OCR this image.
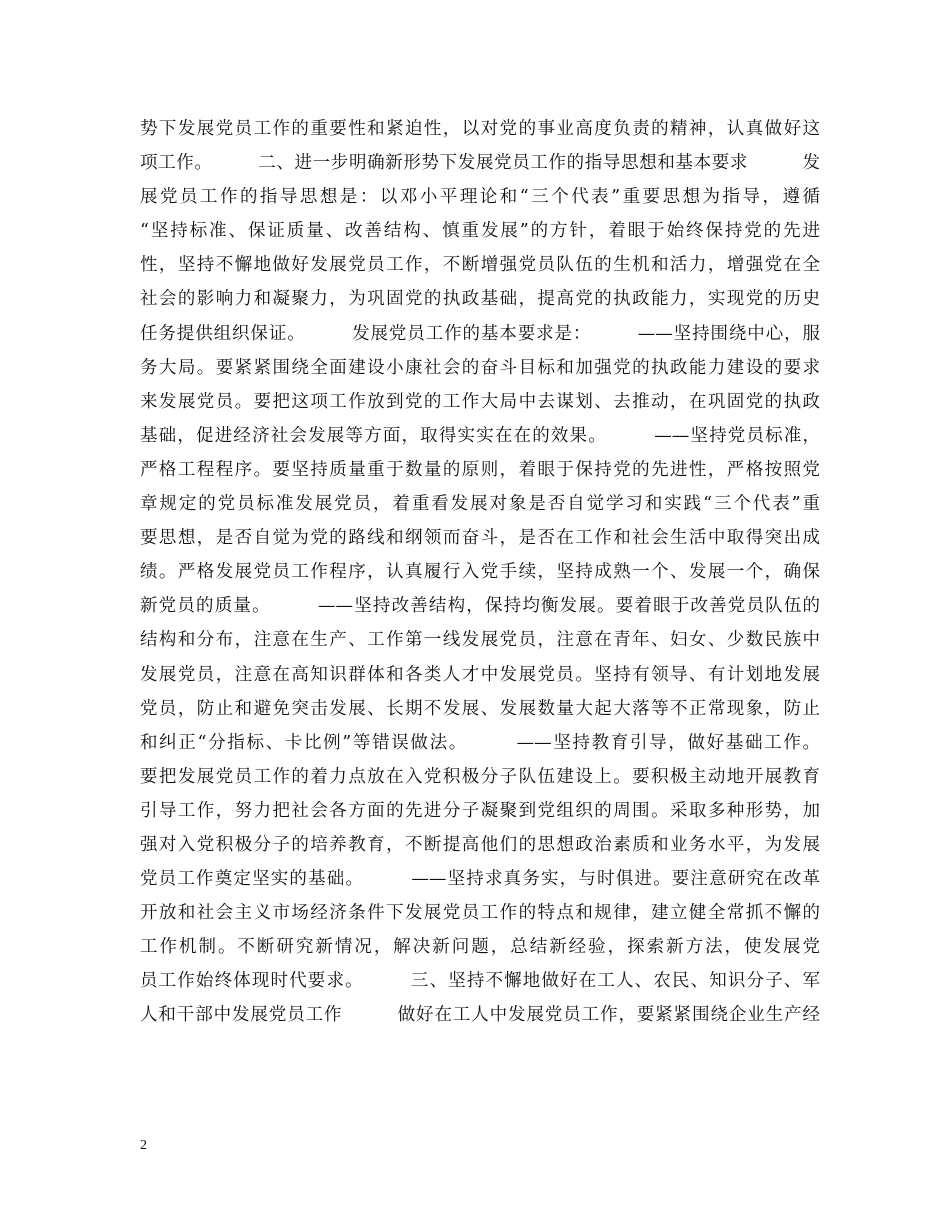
势下发展党员工作的重要性和紧迫性，以对党的事业高度负责的精神，认真做好这
项工作。　　　二、进一步明确新形势下发展党员工作的指导思想和基本要求　　　发
展党员工作的指导思想是：以邓小平理论和“三个代表”重要思想为指导，遵循
“坚持标准、保证质量、改善结构、慎重发展”的方针，着眼于始终保持党的先进
性，坚持不懈地做好发展党员工作，不断增强党员队伍的生机和活力，增强党在全
社会的影响力和凝聚力，为巩固党的执政基础，提高党的执政能力，实现党的历史
任务提供组织保证。　　　发展党员工作的基本要求是：　　　——坚持围绕中心，服
务大局。要紧紧围绕全面建设小康社会的奋斗目标和加强党的执政能力建设的要求
来发展党员。要把这项工作放到党的工作大局中去谋划、去推动，在巩固党的执政
基础，促进经济社会发展等方面，取得实实在在的效果。　　　——坚持党员标准，
严格工程程序。要坚持质量重于数量的原则，着眼于保持党的先进性，严格按照党
章规定的党员标准发展党员，着重看发展对象是否自觉学习和实践“三个代表”重
要思想，是否自觉为党的路线和纲领而奋斗，是否在工作和社会生活中取得突出成
绩。严格发展党员工作程序，认真履行入党手续，坚持成熟一个、发展一个，确保
新党员的质量。　　　——坚持改善结构，保持均衡发展。要着眼于改善党员队伍的
结构和分布，注意在生产、工作第一线发展党员，注意在青年、妇女、少数民族中
发展党员，注意在高知识群体和各类人才中发展党员。坚持有领导、有计划地发展
党员，防止和避免突击发展、长期不发展、发展数量大起大落等不正常现象，防止
和纠正“分指标、卡比例”等错误做法。　　　——坚持教育引导，做好基础工作。
要把发展党员工作的着力点放在入党积极分子队伍建设上。要积极主动地开展教育
引导工作，努力把社会各方面的先进分子凝聚到党组织的周围。采取多种形势，加
强对入党积极分子的培养教育，不断提高他们的思想政治素质和业务水平，为发展
党员工作奠定坚实的基础。　　　——坚持求真务实，与时俱进。要注意研究在改革
开放和社会主义市场经济条件下发展党员工作的特点和规律，建立健全常抓不懈的
工作机制。不断研究新情况，解决新问题，总结新经验，探索新方法，使发展党
员工作始终体现时代要求。　　　三、坚持不懈地做好在工人、农民、知识分子、军
人和干部中发展党员工作　　　做好在工人中发展党员工作，要紧紧围绕企业生产经
2
